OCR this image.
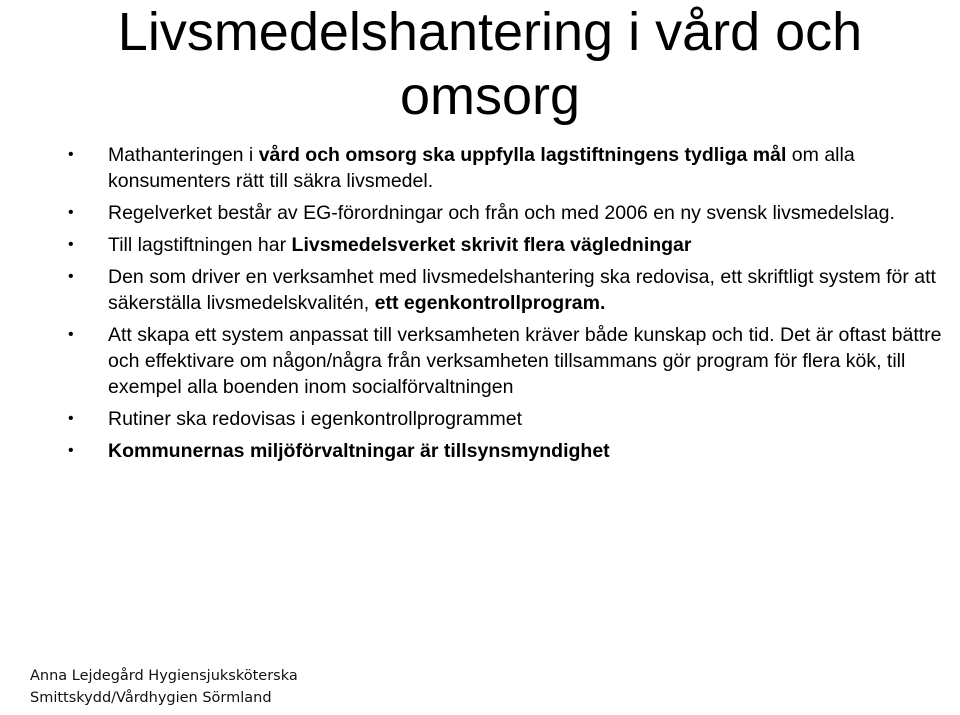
Livsmedelshantering i vård och
omsorg
•	Mathanteringen i vård och omsorg ska uppfylla lagstiftningens tydliga mål om alla konsumenters rätt till säkra livsmedel.
•	Regelverket består av EG-förordningar och från och med 2006 en ny svensk livsmedelslag.
•	Till lagstiftningen har Livsmedelsverket skrivit flera vägledningar
•	Den som driver en verksamhet med livsmedelshantering ska redovisa, ett skriftligt system för att säkerställa livsmedelskvalitén, ett egenkontrollprogram.
•	Att skapa ett system anpassat till verksamheten kräver både kunskap och tid. Det är oftast bättre och effektivare om någon/några från verksamheten tillsammans gör program för flera kök, till exempel alla boenden inom socialförvaltningen
•	Rutiner ska redovisas i egenkontrollprogrammet
•	Kommunernas miljöförvaltningar är tillsynsmyndighet
Anna Lejdegård Hygiensjuksköterska
Smittskydd/Vårdhygien Sörmland
